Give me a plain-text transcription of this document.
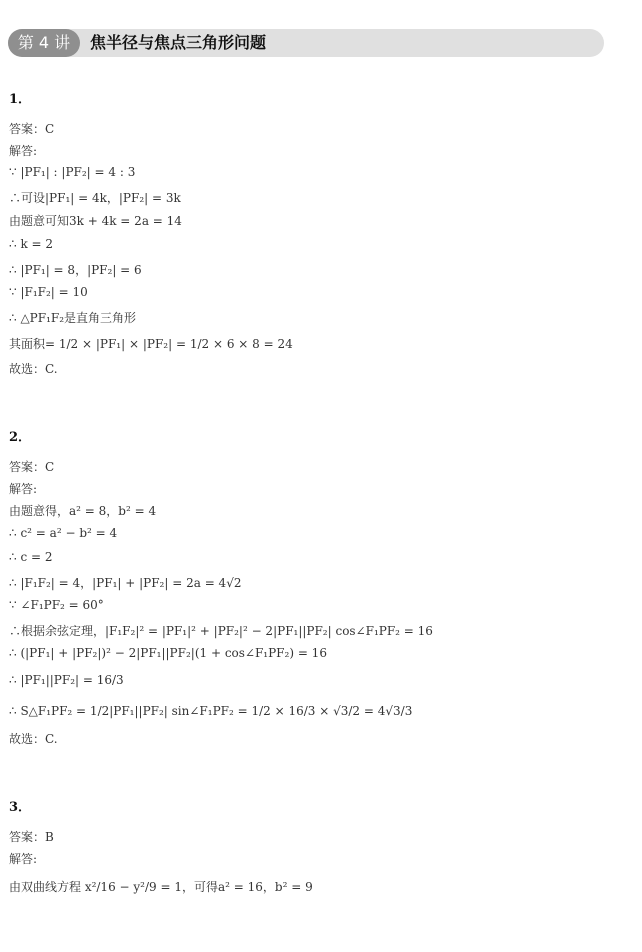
第 4 讲	焦半径与焦点三角形问题
1．
答案：C
解答:
∵ |PF₁| : |PF₂| = 4 : 3
∴可设|PF₁| = 4k，|PF₂| = 3k
由题意可知3k + 4k = 2a = 14
∴ k = 2
∴ |PF₁| = 8，|PF₂| = 6
∵ |F₁F₂| = 10
∴ △PF₁F₂是直角三角形
其面积= 1/2 × |PF₁| × |PF₂| = 1/2 × 6 × 8 = 24
故选：C.
2．
答案：C
解答:
由题意得，a² = 8，b² = 4
∴ c² = a² − b² = 4
∴ c = 2
∴ |F₁F₂| = 4，|PF₁| + |PF₂| = 2a = 4√2
∵ ∠F₁PF₂ = 60°
∴根据余弦定理，|F₁F₂|² = |PF₁|² + |PF₂|² − 2|PF₁||PF₂| cos∠F₁PF₂ = 16
∴ (|PF₁| + |PF₂|)² − 2|PF₁||PF₂|(1 + cos∠F₁PF₂) = 16
∴ |PF₁||PF₂| = 16/3
∴ S△F₁PF₂ = 1/2|PF₁||PF₂| sin∠F₁PF₂ = 1/2 × 16/3 × √3/2 = 4√3/3
故选：C.
3．
答案：B
解答:
由双曲线方程 x²/16 − y²/9 = 1，可得a² = 16，b² = 9
